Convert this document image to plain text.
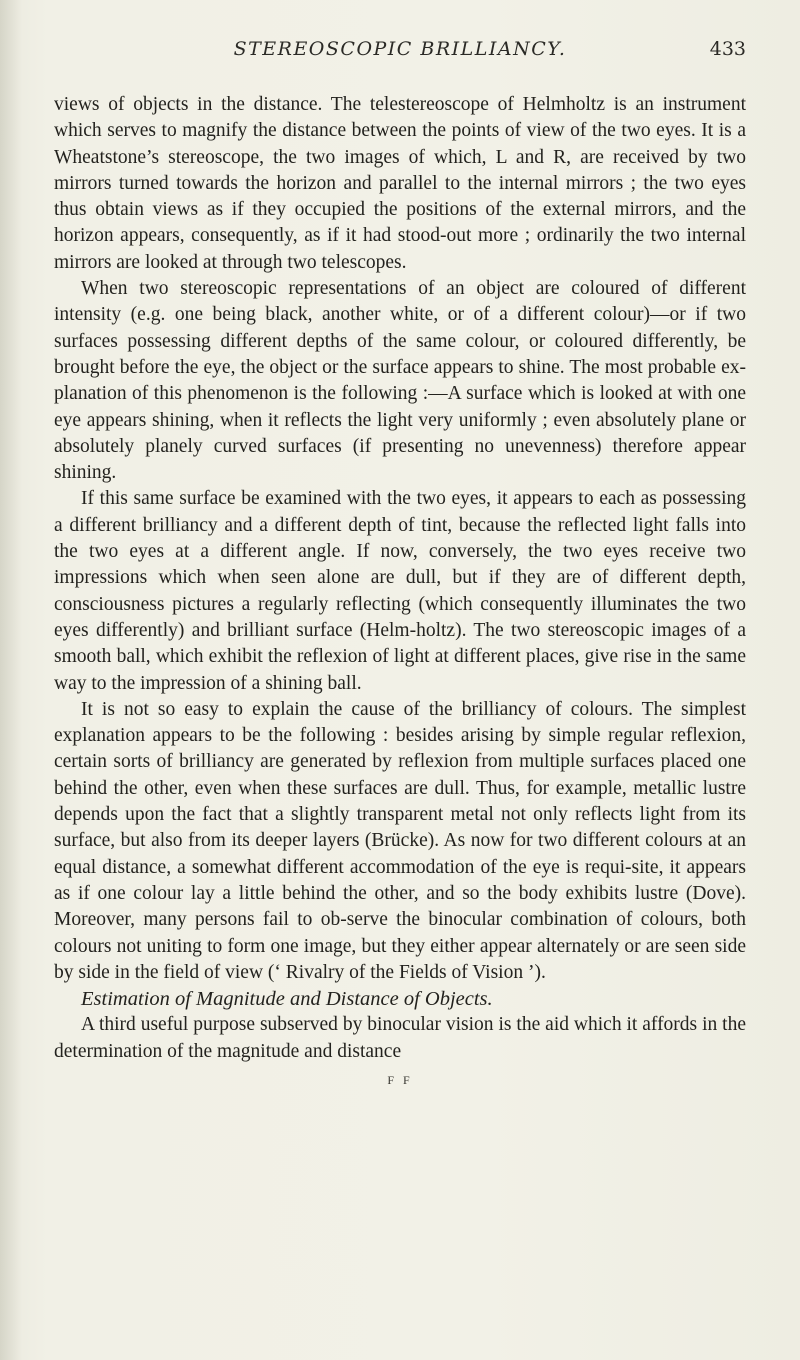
STEREOSCOPIC BRILLIANCY.	433

views of objects in the distance. The telestereoscope of Helmholtz is an instrument which serves to magnify the distance between the points of view of the two eyes. It is a Wheatstone’s stereoscope, the two images of which, L and R, are received by two mirrors turned towards the horizon and parallel to the internal mirrors ; the two eyes thus obtain views as if they occupied the positions of the external mirrors, and the horizon appears, consequently, as if it had stood-out more ; ordinarily the two internal mirrors are looked at through two telescopes.

When two stereoscopic representations of an object are coloured of different intensity (e.g. one being black, another white, or of a different colour)—or if two surfaces possessing different depths of the same colour, or coloured differently, be brought before the eye, the object or the surface appears to shine. The most probable ex-planation of this phenomenon is the following :—A surface which is looked at with one eye appears shining, when it reflects the light very uniformly ; even absolutely plane or absolutely planely curved surfaces (if presenting no unevenness) therefore appear shining.

If this same surface be examined with the two eyes, it appears to each as possessing a different brilliancy and a different depth of tint, because the reflected light falls into the two eyes at a different angle. If now, conversely, the two eyes receive two impressions which when seen alone are dull, but if they are of different depth, consciousness pictures a regularly reflecting (which consequently illuminates the two eyes differently) and brilliant surface (Helm-holtz). The two stereoscopic images of a smooth ball, which exhibit the reflexion of light at different places, give rise in the same way to the impression of a shining ball.

It is not so easy to explain the cause of the brilliancy of colours. The simplest explanation appears to be the following : besides arising by simple regular reflexion, certain sorts of brilliancy are generated by reflexion from multiple surfaces placed one behind the other, even when these surfaces are dull. Thus, for example, metallic lustre depends upon the fact that a slightly transparent metal not only reflects light from its surface, but also from its deeper layers (Brücke). As now for two different colours at an equal distance, a somewhat different accommodation of the eye is requi-site, it appears as if one colour lay a little behind the other, and so the body exhibits lustre (Dove). Moreover, many persons fail to ob-serve the binocular combination of colours, both colours not uniting to form one image, but they either appear alternately or are seen side by side in the field of view (‘ Rivalry of the Fields of Vision ’).

Estimation of Magnitude and Distance of Objects.

A third useful purpose subserved by binocular vision is the aid which it affords in the determination of the magnitude and distance

F F
